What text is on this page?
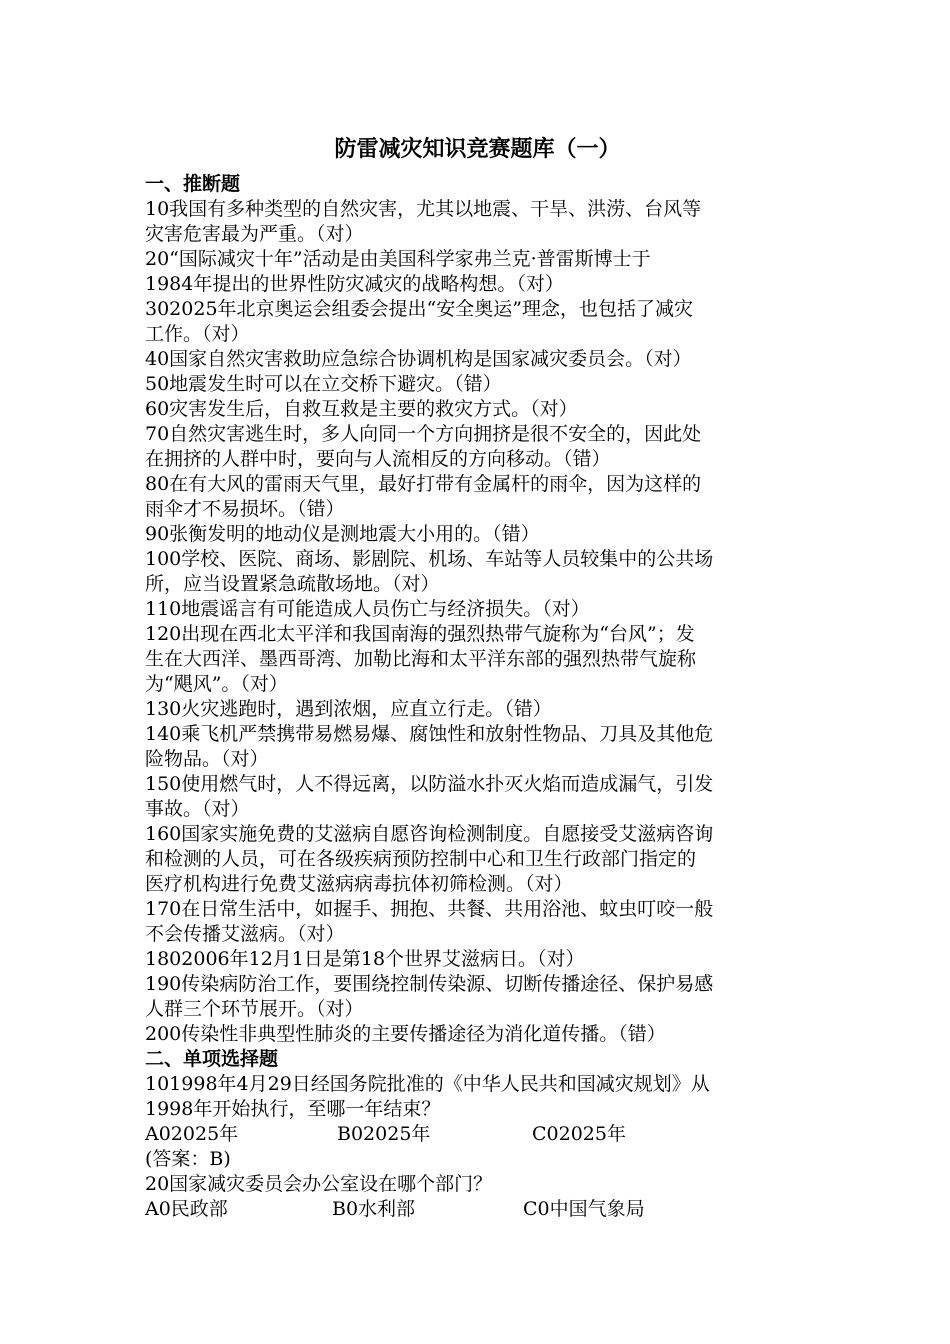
防雷减灾知识竞赛题库（一）
一、推断题

10我国有多种类型的自然灾害，尤其以地震、干旱、洪涝、台风等
灾害危害最为严重。（对）

20“国际减灾十年”活动是由美国科学家弗兰克·普雷斯博士于
1984年提出的世界性防灾减灾的战略构想。（对）

302025年北京奥运会组委会提出“安全奥运”理念，也包括了减灾
工作。（对）

40国家自然灾害救助应急综合协调机构是国家减灾委员会。（对）

50地震发生时可以在立交桥下避灾。（错）

60灾害发生后，自救互救是主要的救灾方式。（对）

70自然灾害逃生时，多人向同一个方向拥挤是很不安全的，因此处
在拥挤的人群中时，要向与人流相反的方向移动。（错）

80在有大风的雷雨天气里，最好打带有金属杆的雨伞，因为这样的
雨伞才不易损坏。（错）

90张衡发明的地动仪是测地震大小用的。（错）

100学校、医院、商场、影剧院、机场、车站等人员较集中的公共场
所，应当设置紧急疏散场地。（对）

110地震谣言有可能造成人员伤亡与经济损失。（对）

120出现在西北太平洋和我国南海的强烈热带气旋称为“台风”；发
生在大西洋、墨西哥湾、加勒比海和太平洋东部的强烈热带气旋称
为“飓风”。（对）

130火灾逃跑时，遇到浓烟，应直立行走。（错）

140乘飞机严禁携带易燃易爆、腐蚀性和放射性物品、刀具及其他危
险物品。（对）

150使用燃气时，人不得远离，以防溢水扑灭火焰而造成漏气，引发
事故。（对）

160国家实施免费的艾滋病自愿咨询检测制度。自愿接受艾滋病咨询
和检测的人员，可在各级疾病预防控制中心和卫生行政部门指定的
医疗机构进行免费艾滋病病毒抗体初筛检测。（对）

170在日常生活中，如握手、拥抱、共餐、共用浴池、蚊虫叮咬一般
不会传播艾滋病。（对）

1802006年12月1日是第18个世界艾滋病日。（对）

190传染病防治工作，要围绕控制传染源、切断传播途径、保护易感
人群三个环节展开。（对）

200传染性非典型性肺炎的主要传播途径为消化道传播。（错）

二、单项选择题

101998年4月29日经国务院批准的《中华人民共和国减灾规划》从
1998年开始执行，至哪一年结束？

A02025年	B02025年	C02025年

(答案：B)

20国家减灾委员会办公室设在哪个部门？

A0民政部	B0水利部	C0中国气象局
